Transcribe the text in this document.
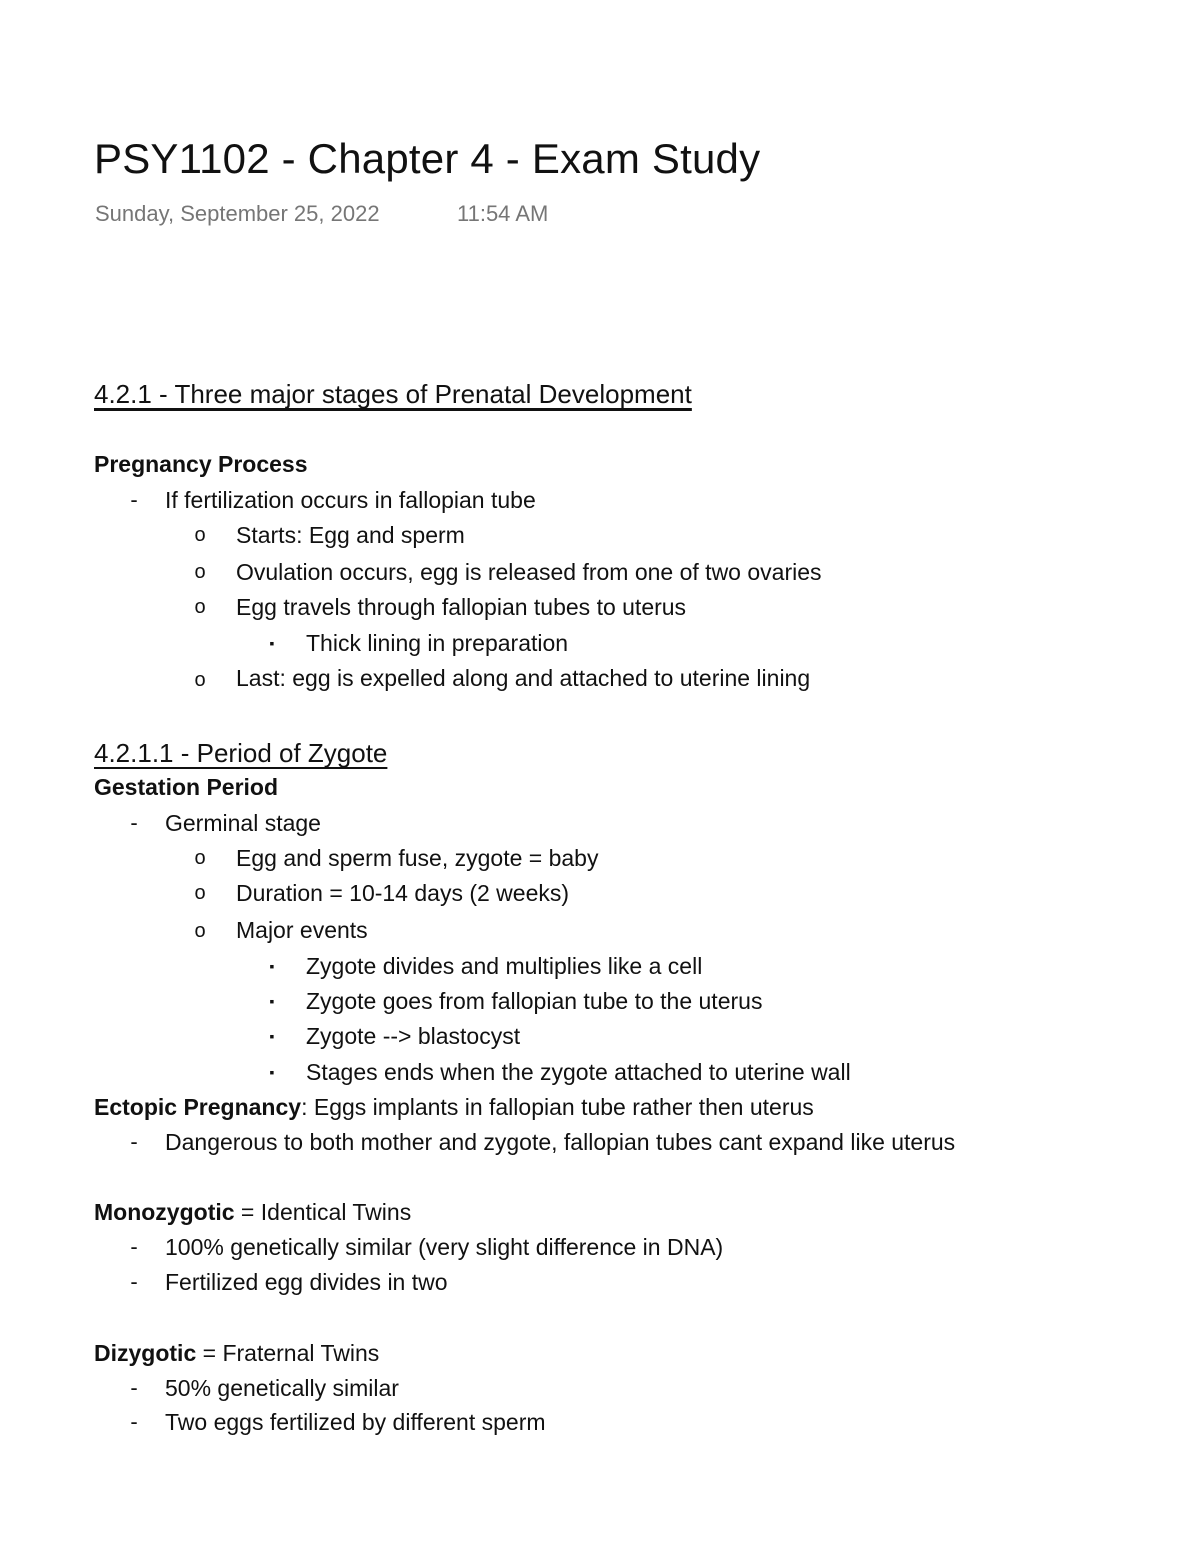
PSY1102 - Chapter 4 - Exam Study
Sunday, September 25, 2022	11:54 AM
4.2.1 - Three major stages of Prenatal Development
Pregnancy Process
- If fertilization occurs in fallopian tube
o Starts: Egg and sperm
o Ovulation occurs, egg is released from one of two ovaries
o Egg travels through fallopian tubes to uterus
▪	Thick lining in preparation
o Last: egg is expelled along and attached to uterine lining
4.2.1.1 - Period of Zygote
Gestation Period
- Germinal stage
o Egg and sperm fuse, zygote = baby
o Duration = 10-14 days (2 weeks)
o Major events
▪	Zygote divides and multiplies like a cell
▪	Zygote goes from fallopian tube to the uterus
▪	Zygote --> blastocyst
▪	Stages ends when the zygote attached to uterine wall
Ectopic Pregnancy: Eggs implants in fallopian tube rather then uterus
- Dangerous to both mother and zygote, fallopian tubes cant expand like uterus
Monozygotic = Identical Twins
- 100% genetically similar (very slight difference in DNA)
- Fertilized egg divides in two
Dizygotic = Fraternal Twins
- 50% genetically similar
- Two eggs fertilized by different sperm
